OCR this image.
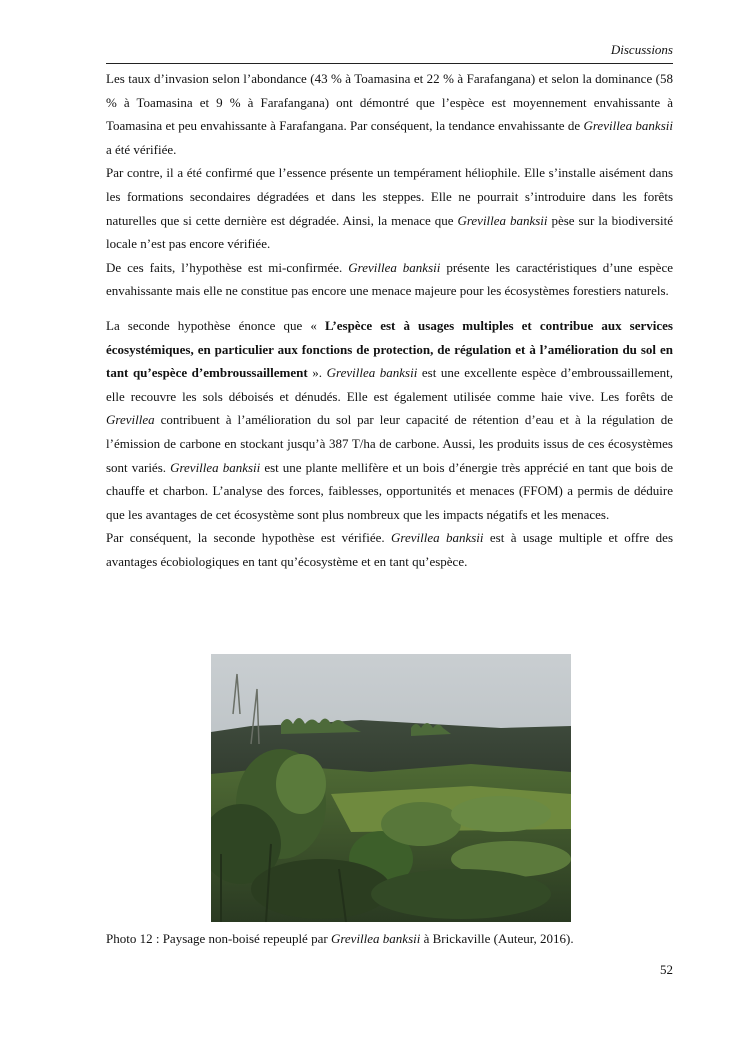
Discussions

Les taux d’invasion selon l’abondance (43 % à Toamasina et 22 % à Farafangana) et selon la dominance (58 % à Toamasina et 9 % à Farafangana) ont démontré que l’espèce est moyennement envahissante à Toamasina et peu envahissante à Farafangana. Par conséquent, la tendance envahissante de Grevillea banksii a été vérifiée.

Par contre, il a été confirmé que l’essence présente un tempérament héliophile. Elle s’installe aisément dans les formations secondaires dégradées et dans les steppes. Elle ne pourrait s’introduire dans les forêts naturelles que si cette dernière est dégradée. Ainsi, la menace que Grevillea banksii pèse sur la biodiversité locale n’est pas encore vérifiée.

De ces faits, l’hypothèse est mi-confirmée. Grevillea banksii présente les caractéristiques d’une espèce envahissante mais elle ne constitue pas encore une menace majeure pour les écosystèmes forestiers naturels.

La seconde hypothèse énonce que « L’espèce est à usages multiples et contribue aux services écosystémiques, en particulier aux fonctions de protection, de régulation et à l’amélioration du sol en tant qu’espèce d’embroussaillement ». Grevillea banksii est une excellente espèce d’embroussaillement, elle recouvre les sols déboisés et dénudés. Elle est également utilisée comme haie vive. Les forêts de Grevillea contribuent à l’amélioration du sol par leur capacité de rétention d’eau et à la régulation de l’émission de carbone en stockant jusqu’à 387 T/ha de carbone. Aussi, les produits issus de ces écosystèmes sont variés. Grevillea banksii est une plante mellifère et un bois d’énergie très apprécié en tant que bois de chauffe et charbon. L’analyse des forces, faiblesses, opportunités et menaces (FFOM) a permis de déduire que les avantages de cet écosystème sont plus nombreux que les impacts négatifs et les menaces.

Par conséquent, la seconde hypothèse est vérifiée. Grevillea banksii est à usage multiple et offre des avantages écobiologiques en tant qu’écosystème et en tant qu’espèce.

Photo 12 : Paysage non-boisé repeuplé par Grevillea banksii à Brickaville (Auteur, 2016).
52
